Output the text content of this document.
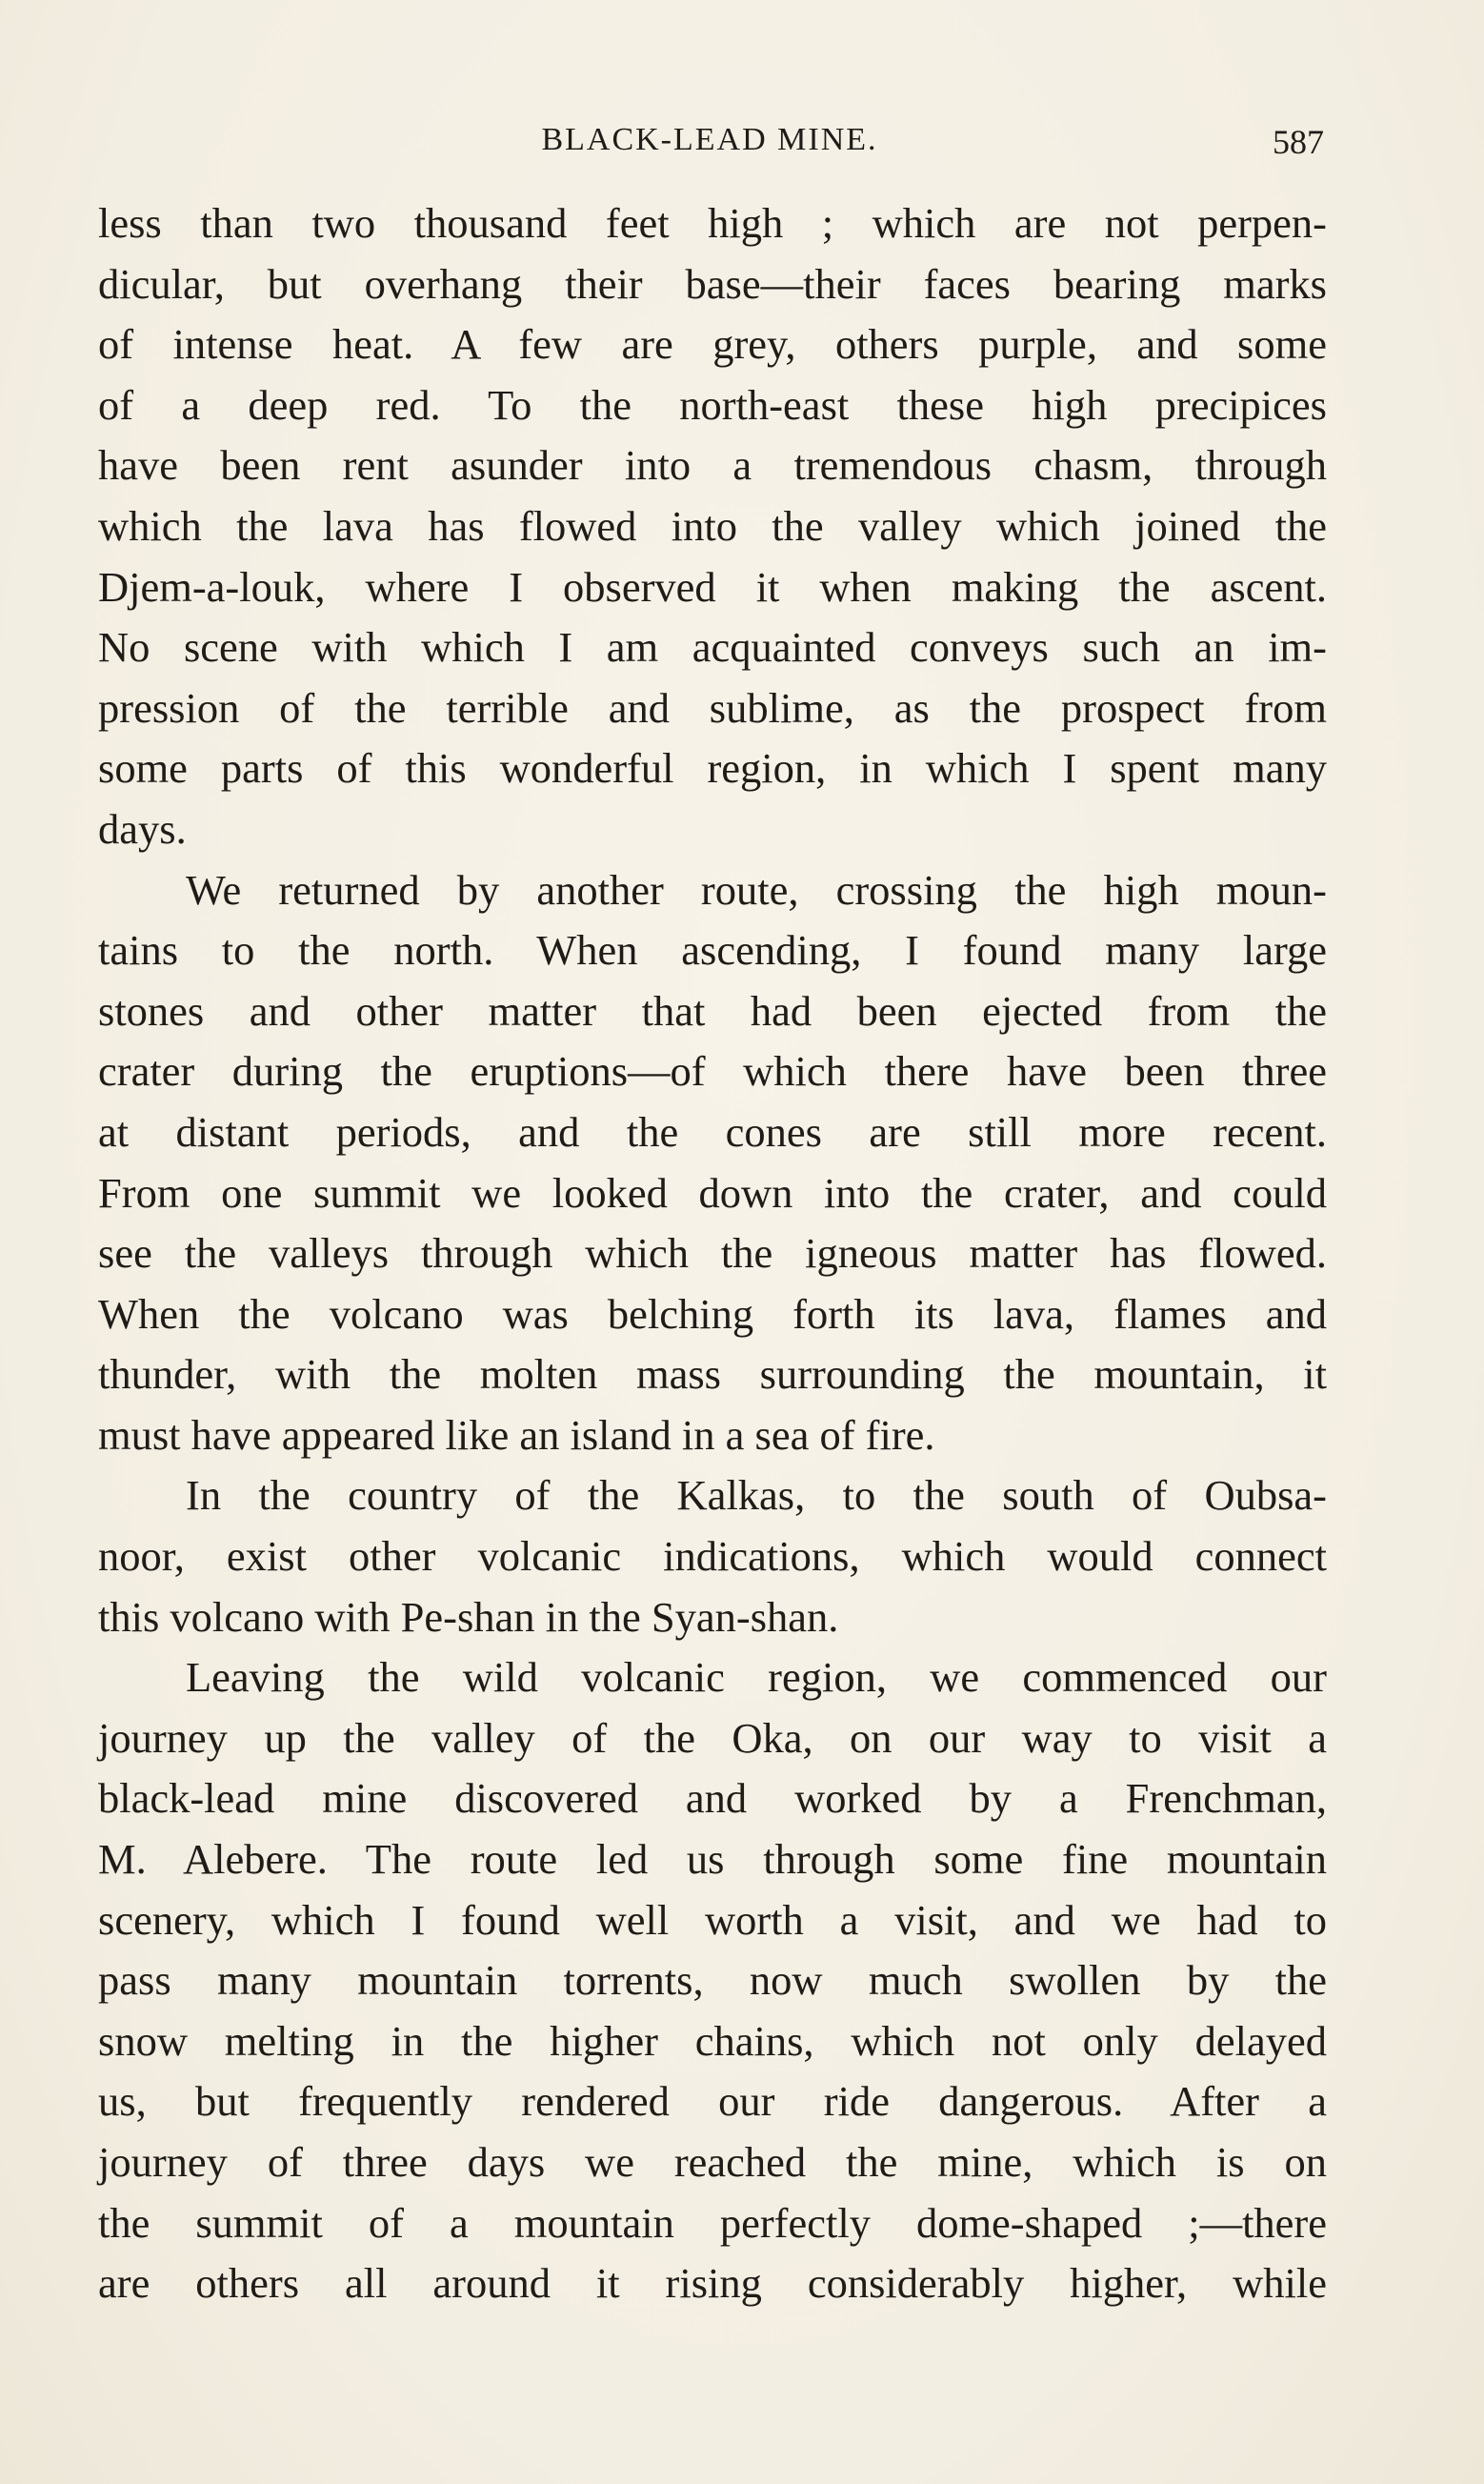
BLACK-LEAD MINE.	587
less than two thousand feet high ; which are not perpen-
dicular, but overhang their base—their faces bearing marks
of intense heat. A few are grey, others purple, and some
of a deep red. To the north-east these high precipices
have been rent asunder into a tremendous chasm, through
which the lava has flowed into the valley which joined the
Djem-a-louk, where I observed it when making the ascent.
No scene with which I am acquainted conveys such an im-
pression of the terrible and sublime, as the prospect from
some parts of this wonderful region, in which I spent many
days.
We returned by another route, crossing the high moun-
tains to the north. When ascending, I found many large
stones and other matter that had been ejected from the
crater during the eruptions—of which there have been three
at distant periods, and the cones are still more recent.
From one summit we looked down into the crater, and could
see the valleys through which the igneous matter has flowed.
When the volcano was belching forth its lava, flames and
thunder, with the molten mass surrounding the mountain, it
must have appeared like an island in a sea of fire.
In the country of the Kalkas, to the south of Oubsa-
noor, exist other volcanic indications, which would connect
this volcano with Pe-shan in the Syan-shan.
Leaving the wild volcanic region, we commenced our
journey up the valley of the Oka, on our way to visit a
black-lead mine discovered and worked by a Frenchman,
M. Alebere. The route led us through some fine mountain
scenery, which I found well worth a visit, and we had to
pass many mountain torrents, now much swollen by the
snow melting in the higher chains, which not only delayed
us, but frequently rendered our ride dangerous. After a
journey of three days we reached the mine, which is on
the summit of a mountain perfectly dome-shaped ;—there
are others all around it rising considerably higher, while
